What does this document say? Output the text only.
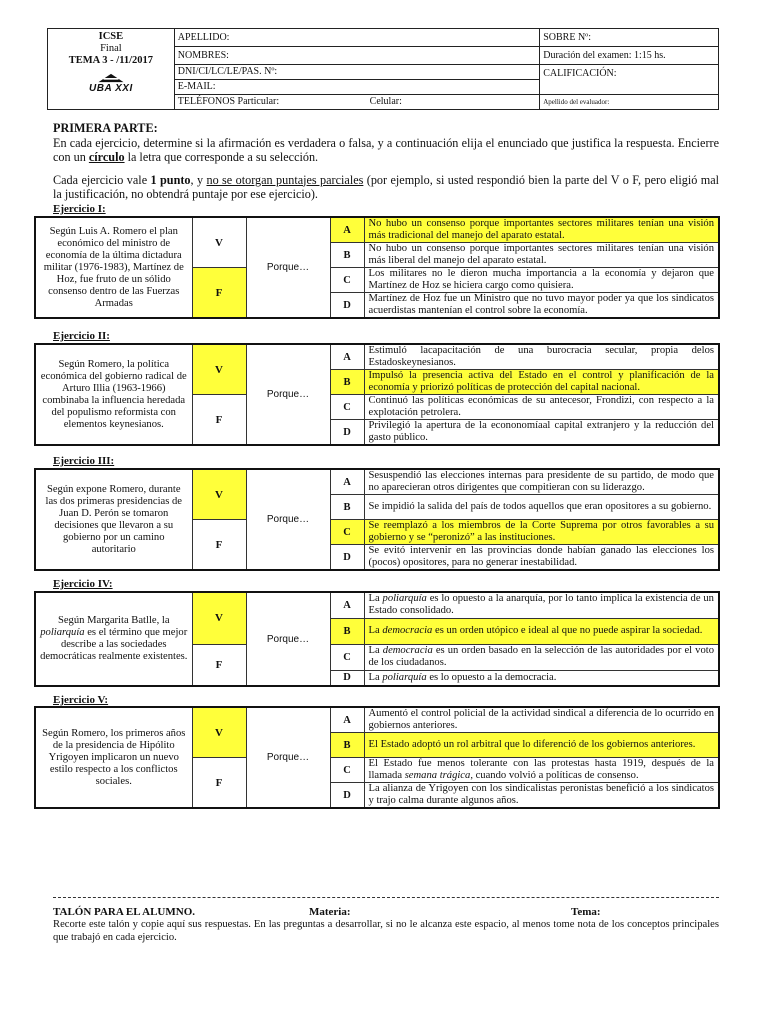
ICSE
Final
TEMA 3 - /11/2017
UBA XXI	APELLIDO:	SOBRE Nº:
	NOMBRES:	Duración del examen: 1:15 hs.
	DNI/CI/LC/LE/PAS. Nº:	CALIFICACIÓN:
	E-MAIL:	
	TELÉFONOS Particular: Celular:	Apellido del evaluador:
PRIMERA PARTE:

En cada ejercicio, determine si la afirmación es verdadera o falsa, y a continuación elija el enunciado que justifica la respuesta. Encierre con un círculo la letra que corresponde a su selección.

Cada ejercicio vale 1 punto, y no se otorgan puntajes parciales (por ejemplo, si usted respondió bien la parte del V o F, pero eligió mal la justificación, no obtendrá puntaje por ese ejercicio).

Ejercicio I:
Según Luis A. Romero el plan económico del ministro de economía de la última dictadura militar (1976-1983), Martínez de Hoz, fue fruto de un sólido consenso dentro de las Fuerzas Armadas	V	Porque…	A	No hubo un consenso porque importantes sectores militares tenían una visión más tradicional del manejo del aparato estatal.
			B	No hubo un consenso porque importantes sectores militares tenían una visión más liberal del manejo del aparato estatal.
	F		C	Los militares no le dieron mucha importancia a la economía y dejaron que Martínez de Hoz se hiciera cargo como quisiera.
			D	Martínez de Hoz fue un Ministro que no tuvo mayor poder ya que los sindicatos acuerdistas mantenían el control sobre la economía.
Ejercicio II:
Según Romero, la política económica del gobierno radical de Arturo Illia (1963-1966) combinaba la influencia heredada del populismo reformista con elementos keynesianos.	V	Porque…	A	Estimuló lacapacitación de una burocracia secular, propia delos Estadoskeynesianos.
			B	Impulsó la presencia activa del Estado en el control y planificación de la economía y priorizó políticas de protección del capital nacional.
	F		C	Continuó las políticas económicas de su antecesor, Frondizi, con respecto a la explotación petrolera.
			D	Privilegió la apertura de la econonomíaal capital extranjero y la reducción del gasto público.
Ejercicio III:
Según expone Romero, durante las dos primeras presidencias de Juan D. Perón se tomaron decisiones que llevaron a su gobierno por un camino autoritario	V	Porque…	A	Sesuspendió las elecciones internas para presidente de su partido, de modo que no aparecieran otros dirigentes que compitieran con su liderazgo.
			B	Se impidió la salida del país de todos aquellos que eran opositores a su gobierno.
	F		C	Se reemplazó a los miembros de la Corte Suprema por otros favorables a su gobierno y se “peronizó” a las instituciones.
			D	Se evitó intervenir en las provincias donde habían ganado las elecciones los (pocos) opositores, para no generar inestabilidad.
Ejercicio IV:
Según Margarita Batlle, la poliarquía es el término que mejor describe a las sociedades democráticas realmente existentes.	V	Porque…	A	La poliarquía es lo opuesto a la anarquía, por lo tanto implica la existencia de un Estado consolidado.
			B	La democracia es un orden utópico e ideal al que no puede aspirar la sociedad.
	F		C	La democracia es un orden basado en la selección de las autoridades por el voto de los ciudadanos.
			D	La poliarquía es lo opuesto a la democracia.
Ejercicio V:
Según Romero, los primeros años de la presidencia de Hipólito Yrigoyen implicaron un nuevo estilo respecto a los conflictos sociales.	V	Porque…	A	Aumentó el control policial de la actividad sindical a diferencia de lo ocurrido en gobiernos anteriores.
			B	El Estado adoptó un rol arbitral que lo diferenció de los gobiernos anteriores.
	F		C	El Estado fue menos tolerante con las protestas hasta 1919, después de la llamada semana trágica, cuando volvió a políticas de consenso.
			D	La alianza de Yrigoyen con los sindicalistas peronistas benefició a los sindicatos y trajo calma durante algunos años.
TALÓN PARA EL ALUMNO.	Materia:	Tema:
Recorte este talón y copie aquí sus respuestas. En las preguntas a desarrollar, si no le alcanza este espacio, al menos tome nota de los conceptos principales que trabajó en cada ejercicio.
